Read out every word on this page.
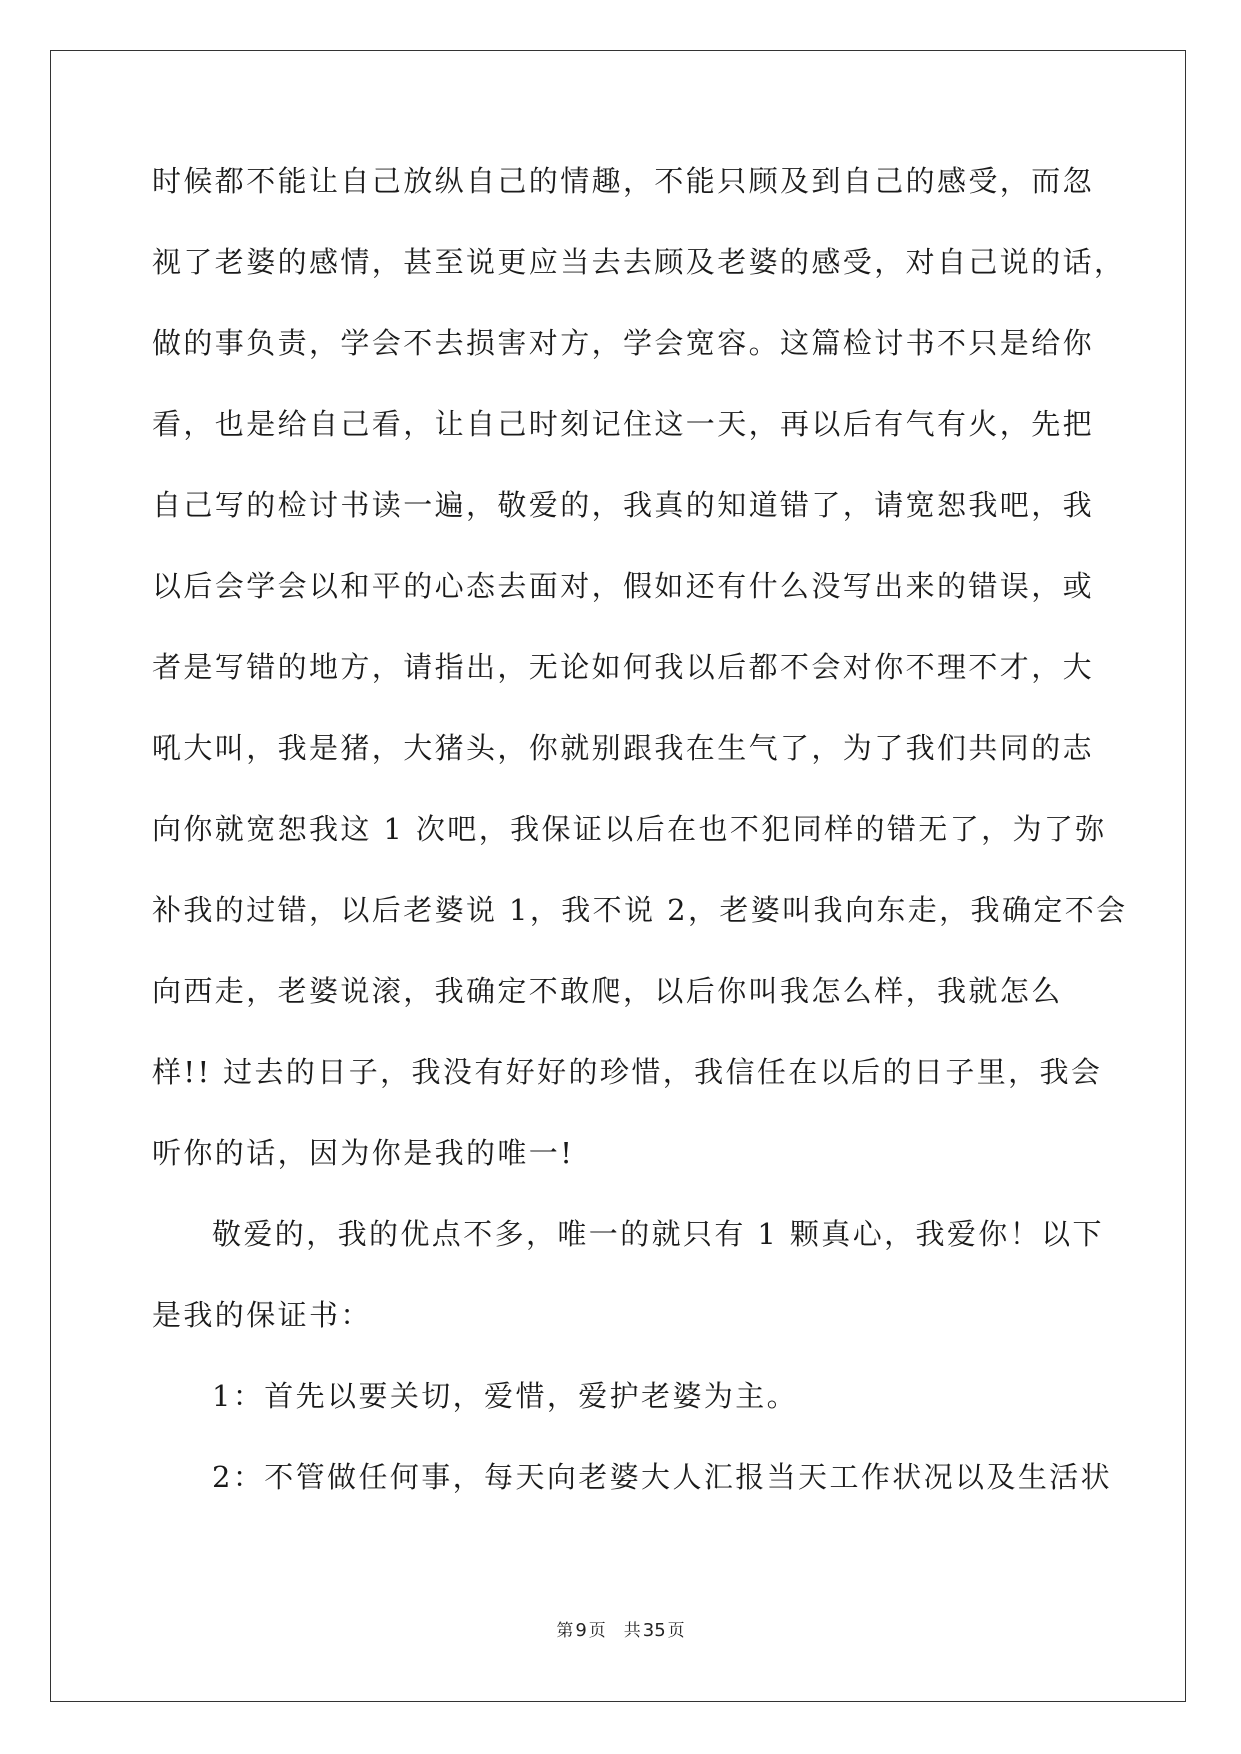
时候都不能让自己放纵自己的情趣，不能只顾及到自己的感受，而忽
视了老婆的感情，甚至说更应当去去顾及老婆的感受，对自己说的话，
做的事负责，学会不去损害对方，学会宽容。这篇检讨书不只是给你
看，也是给自己看，让自己时刻记住这一天，再以后有气有火，先把
自己写的检讨书读一遍，敬爱的，我真的知道错了，请宽恕我吧，我
以后会学会以和平的心态去面对，假如还有什么没写出来的错误，或
者是写错的地方，请指出，无论如何我以后都不会对你不理不才，大
吼大叫，我是猪，大猪头，你就别跟我在生气了，为了我们共同的志
向你就宽恕我这 1 次吧，我保证以后在也不犯同样的错无了，为了弥
补我的过错，以后老婆说 1，我不说 2，老婆叫我向东走，我确定不会
向西走，老婆说滚，我确定不敢爬，以后你叫我怎么样，我就怎么
样!! 过去的日子，我没有好好的珍惜，我信任在以后的日子里，我会
听你的话，因为你是我的唯一!
敬爱的，我的优点不多，唯一的就只有 1 颗真心，我爱你！以下
是我的保证书：
1：首先以要关切，爱惜，爱护老婆为主。
2：不管做任何事，每天向老婆大人汇报当天工作状况以及生活状
第 9 页 共 35 页
